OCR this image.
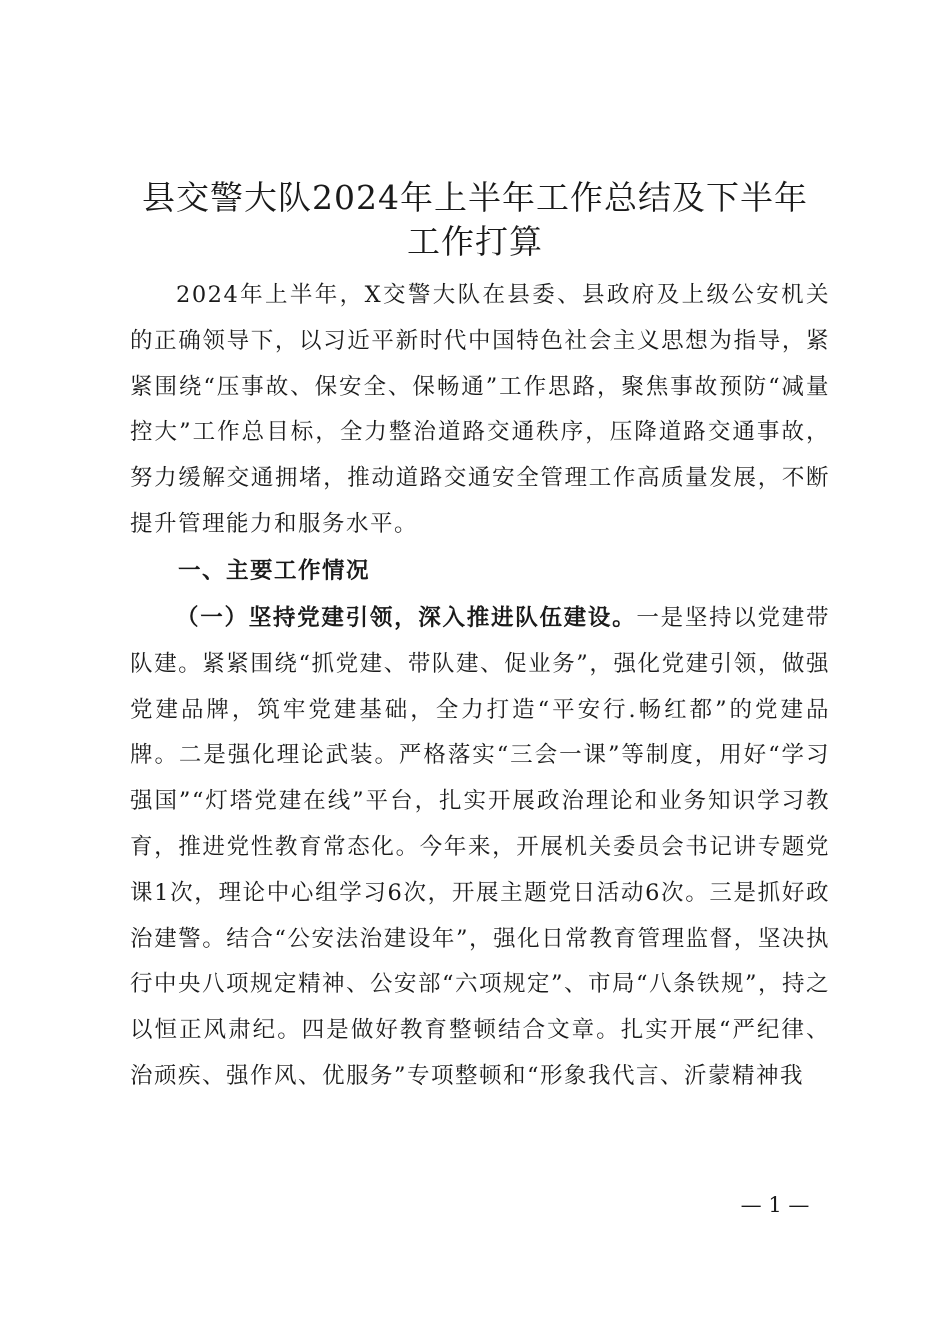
县交警大队2024年上半年工作总结及下半年
工作打算
2024年上半年，X交警大队在县委、县政府及上级公安机关的正确领导下，以习近平新时代中国特色社会主义思想为指导，紧紧围绕“压事故、保安全、保畅通”工作思路，聚焦事故预防“减量控大”工作总目标，全力整治道路交通秩序，压降道路交通事故，努力缓解交通拥堵，推动道路交通安全管理工作高质量发展，不断提升管理能力和服务水平。
一、主要工作情况
（一）坚持党建引领，深入推进队伍建设。一是坚持以党建带队建。紧紧围绕“抓党建、带队建、促业务”，强化党建引领，做强党建品牌，筑牢党建基础，全力打造“平安行.畅红都”的党建品牌。二是强化理论武装。严格落实“三会一课”等制度，用好“学习强国”“灯塔党建在线”平台，扎实开展政治理论和业务知识学习教育，推进党性教育常态化。今年来，开展机关委员会书记讲专题党课1次，理论中心组学习6次，开展主题党日活动6次。三是抓好政治建警。结合“公安法治建设年”，强化日常教育管理监督，坚决执行中央八项规定精神、公安部“六项规定”、市局“八条铁规”，持之以恒正风肃纪。四是做好教育整顿结合文章。扎实开展“严纪律、治顽疾、强作风、优服务”专项整顿和“形象我代言、沂蒙精神我
— 1 —
